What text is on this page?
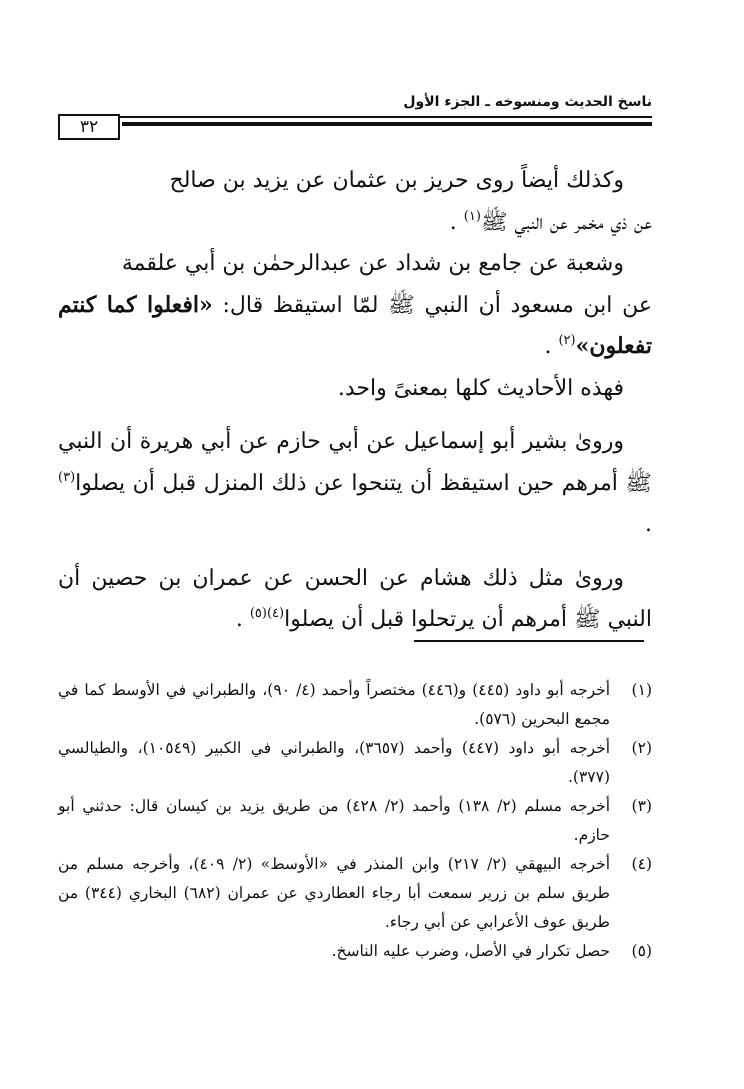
ناسخ الحديث ومنسوخه ـ الجزء الأول
٣٢

وكذلك أيضاً روى حريز بن عثمان عن يزيد بن صالح
عن ذي مخمر عن النبي ﷺ$^{(١)}$ .

وشعبة عن جامع بن شداد عن عبدالرحمٰن بن أبي علقمة
عن ابن مسعود أن النبي ﷺ لمّا استيقظ قال: «افعلوا كما كنتم تفعلون»$^{(٢)}$ .

فهذه الأحاديث كلها بمعنىً واحد.

وروىٰ بشير أبو إسماعيل عن أبي حازم عن أبي هريرة أن النبي ﷺ أمرهم حين استيقظ أن يتنحوا عن ذلك المنزل قبل أن يصلوا$^{(٣)}$ .

وروىٰ مثل ذلك هشام عن الحسن عن عمران بن حصين أن النبي ﷺ أمرهم أن يرتحلوا قبل أن يصلوا$^{(٤)(٥)}$ .

(١)
أخرجه أبو داود (٤٤٥) و(٤٤٦) مختصراً وأحمد (٤/ ٩٠)، والطبراني في الأوسط كما في مجمع البحرين (٥٧٦).
(٢)
أخرجه أبو داود (٤٤٧) وأحمد (٣٦٥٧)، والطبراني في الكبير (١٠٥٤٩)، والطيالسي (٣٧٧).
(٣)
أخرجه مسلم (٢/ ١٣٨) وأحمد (٢/ ٤٢٨) من طريق يزيد بن كيسان قال: حدثني أبو حازم.
(٤)
أخرجه البيهقي (٢/ ٢١٧) وابن المنذر في «الأوسط» (٢/ ٤٠٩)، وأخرجه مسلم من طريق سلم بن زرير سمعت أبا رجاء العطاردي عن عمران (٦٨٢) البخاري (٣٤٤) من طريق عوف الأعرابي عن أبي رجاء.
(٥)
حصل تكرار في الأصل، وضرب عليه الناسخ.
